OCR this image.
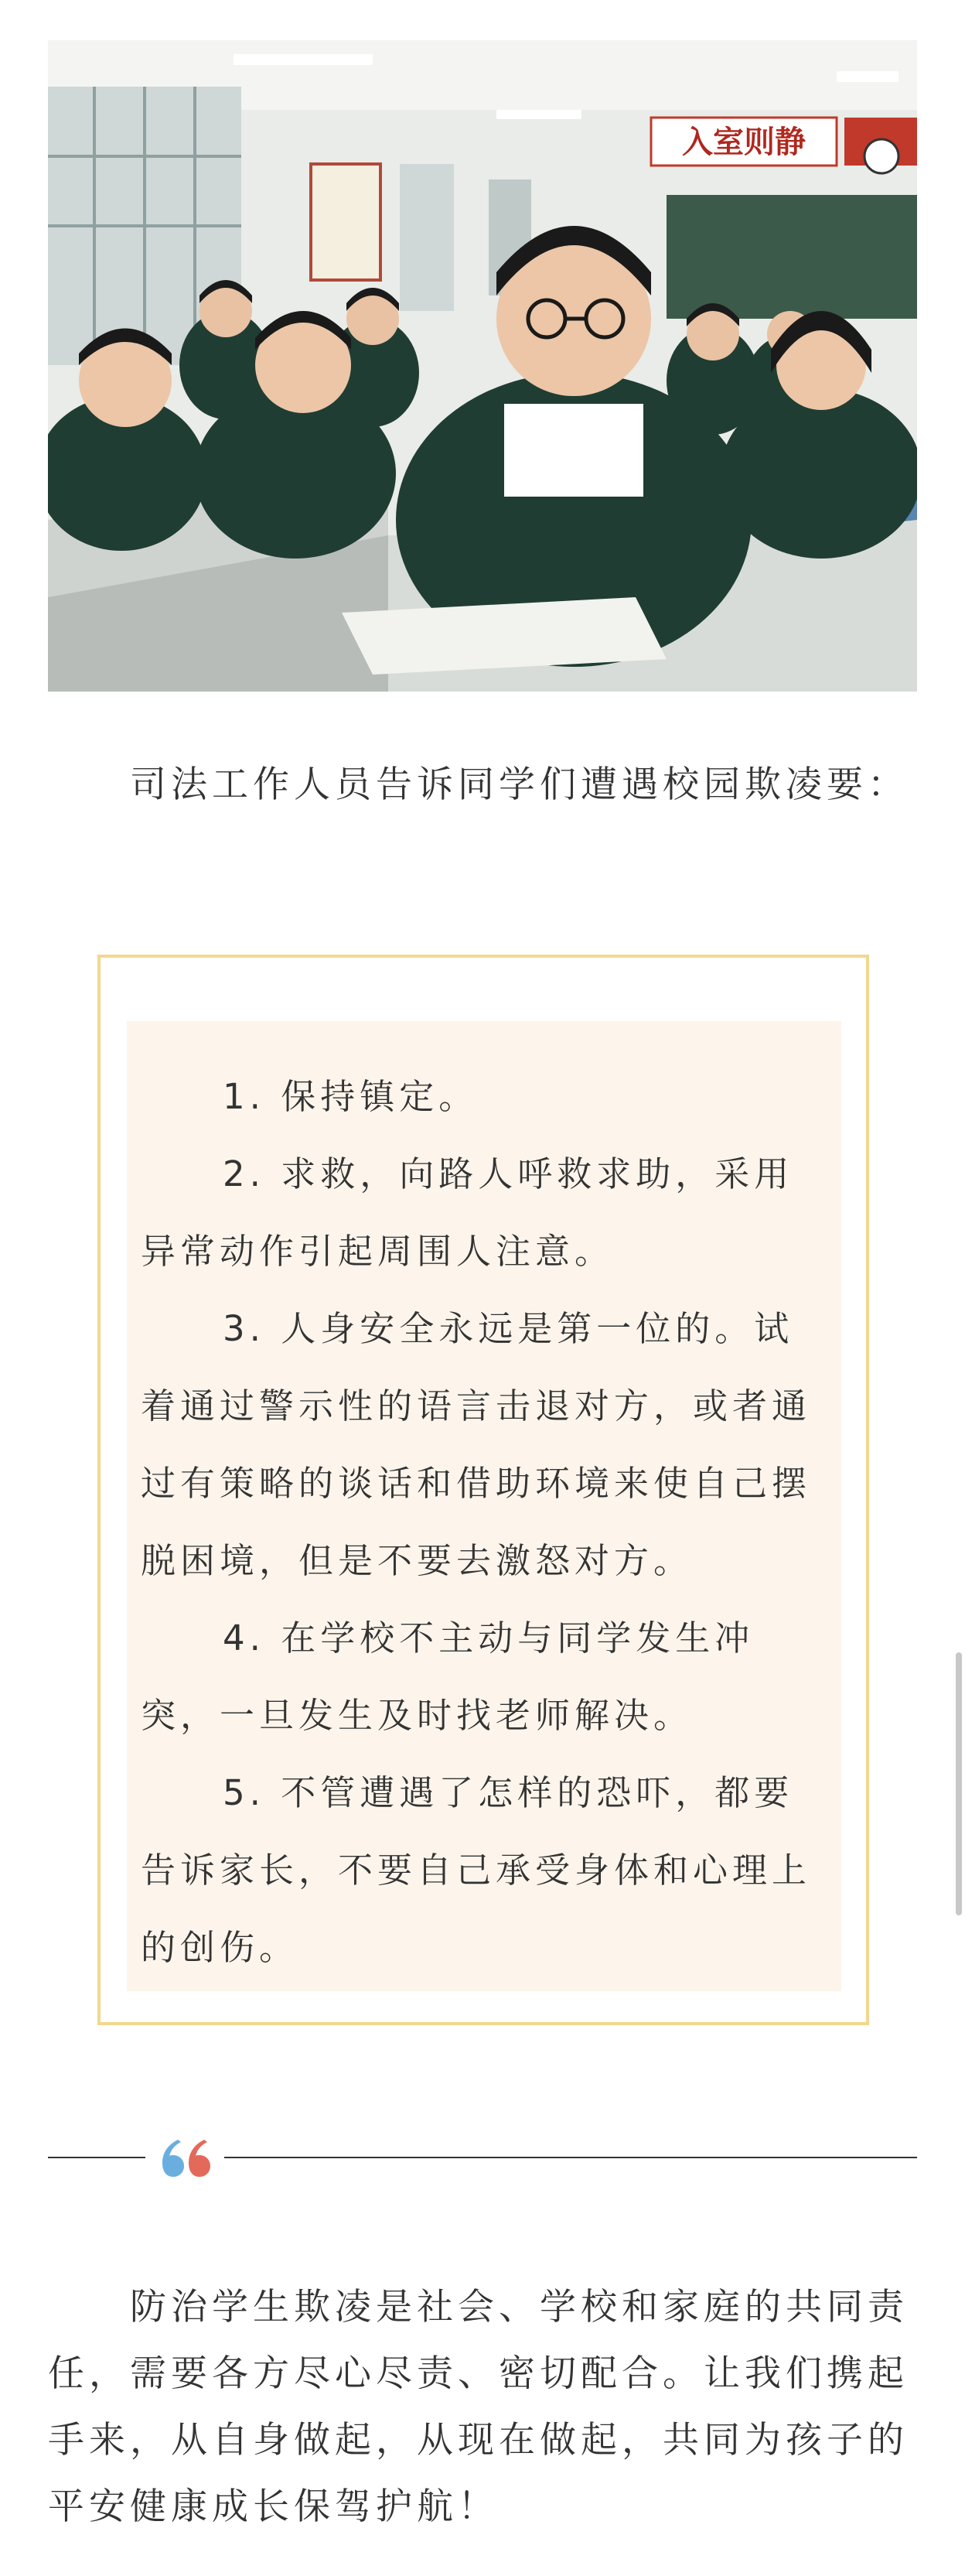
入室则静

司法工作人员告诉同学们遭遇校园欺凌要：

1. 保持镇定。

2. 求救，向路人呼救求助，采用异常动作引起周围人注意。

3. 人身安全永远是第一位的。试着通过警示性的语言击退对方，或者通过有策略的谈话和借助环境来使自己摆脱困境，但是不要去激怒对方。

4. 在学校不主动与同学发生冲突，一旦发生及时找老师解决。

5. 不管遭遇了怎样的恐吓，都要告诉家长，不要自己承受身体和心理上的创伤。

防治学生欺凌是社会、学校和家庭的共同责任，需要各方尽心尽责、密切配合。让我们携起手来，从自身做起，从现在做起，共同为孩子的平安健康成长保驾护航！
